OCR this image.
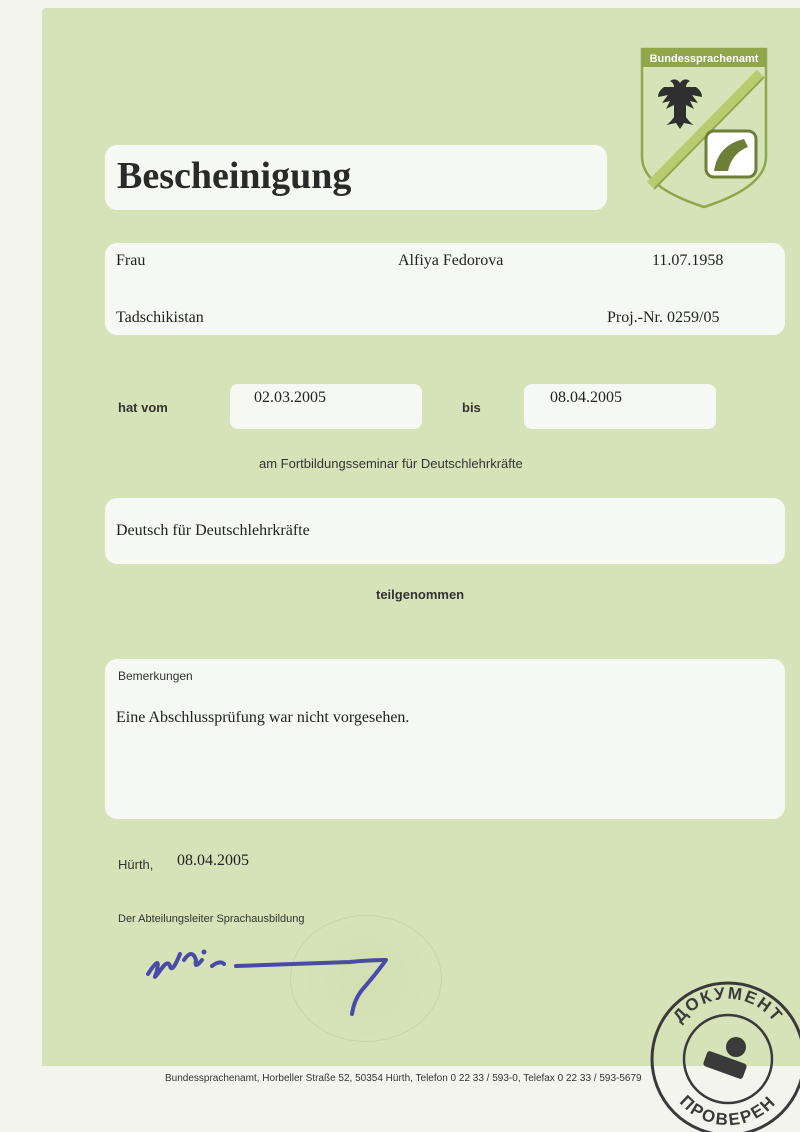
Bundessprachenamt
Bescheinigung
Frau	Alfiya Fedorova	11.07.1958
Tadschikistan	Proj.-Nr. 0259/05
hat vom
02.03.2005
bis
08.04.2005
am Fortbildungsseminar für Deutschlehrkräfte
Deutsch für Deutschlehrkräfte
teilgenommen
Bemerkungen
Eine Abschlussprüfung war nicht vorgesehen.
Hürth, 08.04.2005
Der Abteilungsleiter Sprachausbildung
Bundessprachenamt, Horbeller Straße 52, 50354 Hürth, Telefon 0 22 33 / 593-0, Telefax 0 22 33 / 593-5679
ДОКУМЕНТ
ПРОВЕРЕН
